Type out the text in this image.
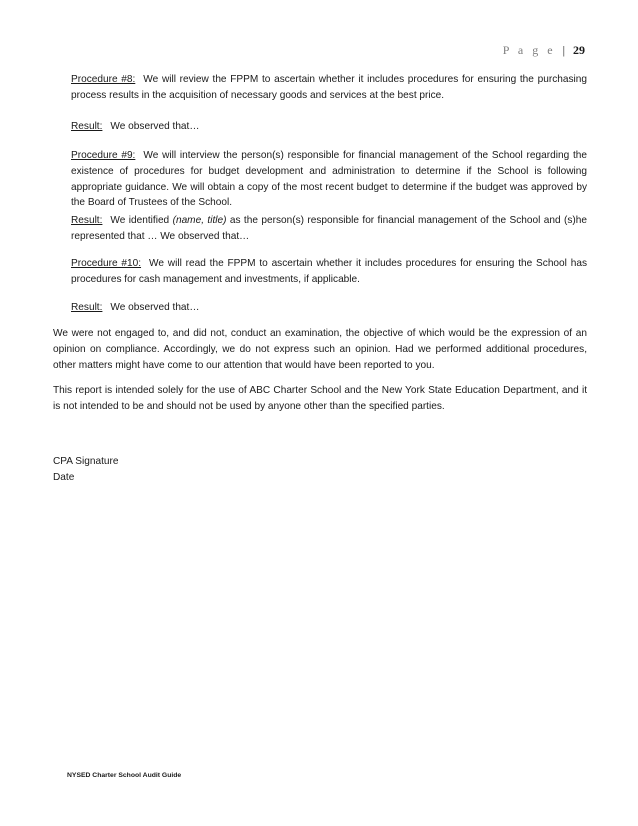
P a g e | 29
Procedure #8: We will review the FPPM to ascertain whether it includes procedures for ensuring the purchasing process results in the acquisition of necessary goods and services at the best price.
Result: We observed that…
Procedure #9: We will interview the person(s) responsible for financial management of the School regarding the existence of procedures for budget development and administration to determine if the School is following appropriate guidance. We will obtain a copy of the most recent budget to determine if the budget was approved by the Board of Trustees of the School.
Result: We identified (name, title) as the person(s) responsible for financial management of the School and (s)he represented that … We observed that…
Procedure #10: We will read the FPPM to ascertain whether it includes procedures for ensuring the School has procedures for cash management and investments, if applicable.
Result: We observed that…
We were not engaged to, and did not, conduct an examination, the objective of which would be the expression of an opinion on compliance. Accordingly, we do not express such an opinion. Had we performed additional procedures, other matters might have come to our attention that would have been reported to you.
This report is intended solely for the use of ABC Charter School and the New York State Education Department, and it is not intended to be and should not be used by anyone other than the specified parties.
CPA Signature
Date
NYSED Charter School Audit Guide
